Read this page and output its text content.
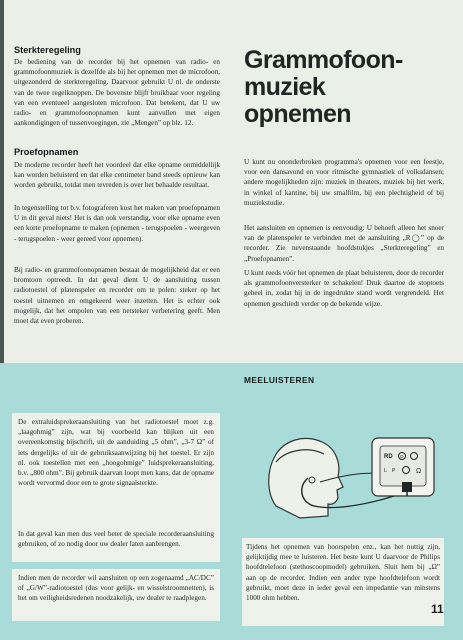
Sterkteregeling

De bediening van de recorder bij het opnemen van radio- en grammofoonmuziek is dezelfde als bij het opnemen met de microfoon, uitgezonderd de sterkteregeling. Daarvoor gebruikt U nl. de onderste van de twee regelknoppen. De bovenste blijft bruikbaar voor regeling van een eventueel aangesloten microfoon. Dat betekent, dat U uw radio- en grammofoonopnamen kunt aanvullen met eigen aankondigingen of tussenvoegingen, zie „Mengen” op blz. 12.

Proefopnamen

De moderne recorder heeft het voordeel dat elke opname onmiddellijk kan worden beluisterd en dat elke centimeter band steeds opnieuw kan worden gebruikt, totdat men tevreden is over het behaalde resultaat.

In tegenstelling tot b.v. fotograferen kost het maken van proefopnamen U in dit geval niets! Het is dan ook verstandig, voor elke opname even een korte proefopname te maken (opnemen - terugspoelen - weergeven - terugspoelen - weer gereed voor opnemen).

Bij radio- en grammofoonopnamen bestaat de mogelijkheid dat er een bromtoon optreedt. In dat geval dient U de aansluiting tussen radiotoestel of platenspeler en recorder om te polen: steker op het toestel uitnemen en omgekeerd weer inzetten. Het is echter ook mogelijk, dat het ompolen van een netsteker verbetering geeft. Men moet dat even proberen.

Grammofoon-
muziek
opnemen

U kunt nu ononderbroken programma's opnemen voor een feestje, voor een dansavond en voor ritmische gymnastiek of volksdansen; andere mogelijkheden zijn: muziek in theaters, muziek bij het werk, in winkel of kantine, bij uw smalfilm, bij een plechtigheid of bij muziekstudie.

Het aansluiten en opnemen is eenvoudig: U behoeft alleen het snoer van de platenspeler te verbinden met de aansluiting „R◯” op de recorder. Zie nevenstaande hoofdstukjes „Sterkteregeling” en „Proefopnamen”.

U kunt reeds vóór het opnemen de plaat beluisteren, door de recorder als grammofoonversterker te schakelen! Druk daartoe de stoptoets geheel in, zodat hij in de ingedrukte stand wordt vergrendeld. Het opnemen geschiedt verder op de bekende wijze.

De extraluidsprekeraansluiting van het radiotoestel moet z.g. „laagohmig” zijn, wat bij voorbeeld kan blijken uit een overeenkomstig bijschrift, uit de aanduiding „5 ohm”, „3-7 Ω” of iets dergelijks of uit de gebruiksaanwijzing bij het toestel. Er zijn nl. ook toestellen met een „hoogohmige” luidsprekeraansluiting, b.v. „800 ohm”. Bij gebruik daarvan loopt men kans, dat de opname wordt vervormd door een te grote signaalsterkte.

In dat geval kan men dus veel beter de speciale recorderaansluiting gebruiken, of zo nodig door uw dealer laten aanbrengen.

Indien men de recorder wil aansluiten op een zogenaamd „AC/DC” of „G/W”-radiotoestel (dus voor gelijk- en wisselstroomnetten), is het om veiligheidsredenen noodzakelijk, uw dealer te raadplegen.

MEELUISTEREN
RD O
L P	Ω

Tijdens het opnemen van hoorspelen enz., kan het nuttig zijn, gelijktijdig mee te luisteren. Het beste kunt U daarvoor de Philips hoofdtelefoon (stethoscoopmodel) gebruiken. Sluit hem bij „Ω” aan op de recorder. Indien een ander type hoofdtelefoon wordt gebruikt, moet deze in ieder geval een impedantie van minstens 1000 ohm hebben.

11
